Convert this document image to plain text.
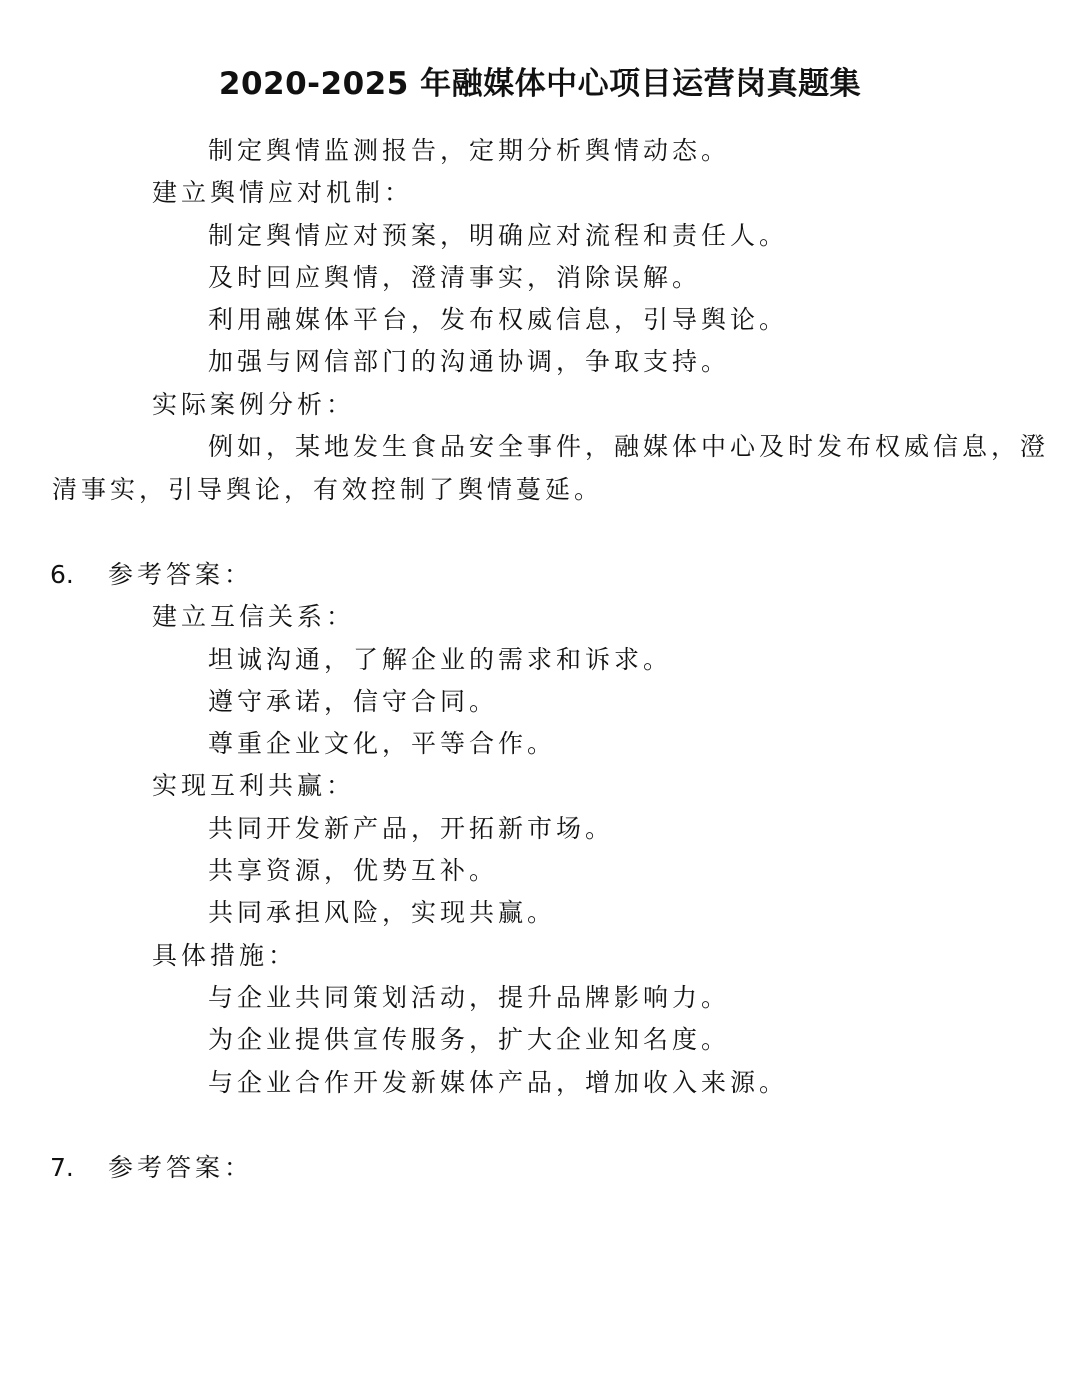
2020-2025 年融媒体中心项目运营岗真题集
制定舆情监测报告，定期分析舆情动态。
建立舆情应对机制：
制定舆情应对预案，明确应对流程和责任人。
及时回应舆情，澄清事实，消除误解。
利用融媒体平台，发布权威信息，引导舆论。
加强与网信部门的沟通协调，争取支持。
实际案例分析：
例如，某地发生食品安全事件，融媒体中心及时发布权威信息，澄
清事实，引导舆论，有效控制了舆情蔓延。
6. 参考答案：
建立互信关系：
坦诚沟通，了解企业的需求和诉求。
遵守承诺，信守合同。
尊重企业文化，平等合作。
实现互利共赢：
共同开发新产品，开拓新市场。
共享资源，优势互补。
共同承担风险，实现共赢。
具体措施：
与企业共同策划活动，提升品牌影响力。
为企业提供宣传服务，扩大企业知名度。
与企业合作开发新媒体产品，增加收入来源。
7. 参考答案：
